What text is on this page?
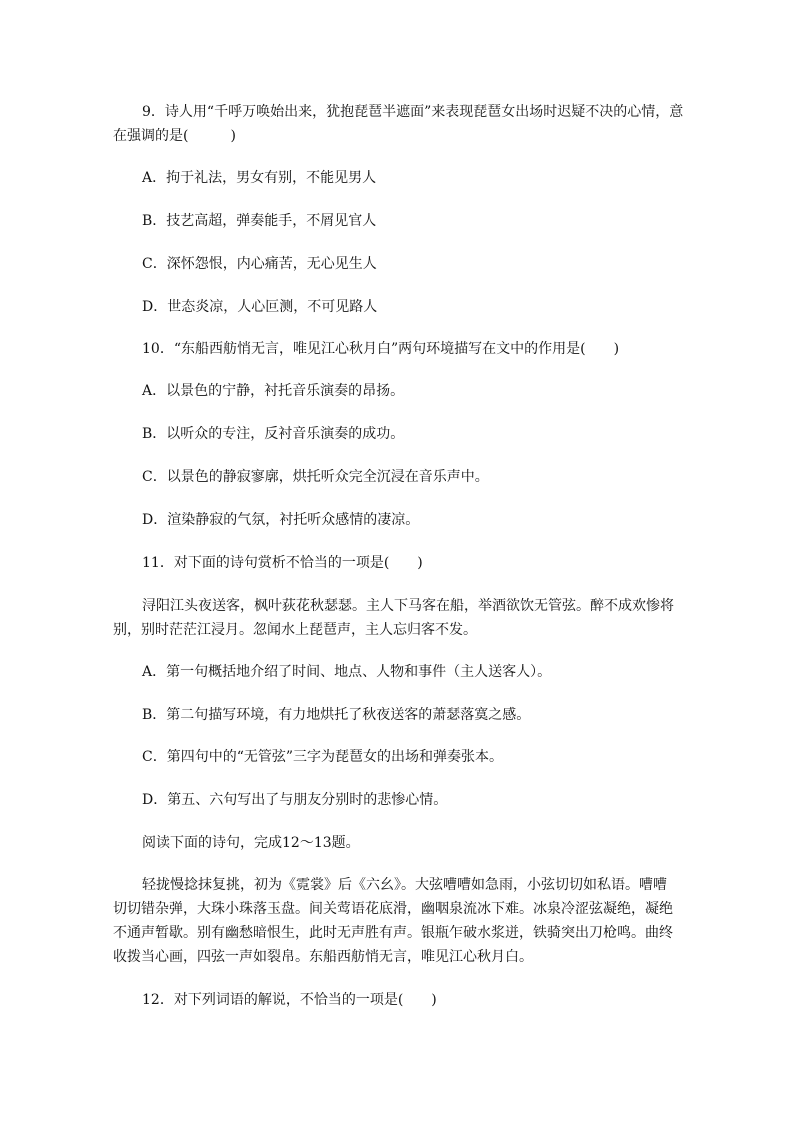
9．诗人用“千呼万唤始出来，犹抱琵琶半遮面”来表现琵琶女出场时迟疑不决的心情，意
在强调的是(　　　)
A．拘于礼法，男女有别，不能见男人
B．技艺高超，弹奏能手，不屑见官人
C．深怀怨恨，内心痛苦，无心见生人
D．世态炎凉，人心叵测，不可见路人
10．“东船西舫悄无言，唯见江心秋月白”两句环境描写在文中的作用是(　　)
A．以景色的宁静，衬托音乐演奏的昂扬。
B．以听众的专注，反衬音乐演奏的成功。
C．以景色的静寂寥廓，烘托听众完全沉浸在音乐声中。
D．渲染静寂的气氛，衬托听众感情的凄凉。
11．对下面的诗句赏析不恰当的一项是(　　)
浔阳江头夜送客，枫叶荻花秋瑟瑟。主人下马客在船，举酒欲饮无管弦。醉不成欢惨将
别，别时茫茫江浸月。忽闻水上琵琶声，主人忘归客不发。
A．第一句概括地介绍了时间、地点、人物和事件（主人送客人）。
B．第二句描写环境，有力地烘托了秋夜送客的萧瑟落寞之感。
C．第四句中的“无管弦”三字为琵琶女的出场和弹奏张本。
D．第五、六句写出了与朋友分别时的悲惨心情。
阅读下面的诗句，完成12～13题。
轻拢慢捻抹复挑，初为《霓裳》后《六幺》。大弦嘈嘈如急雨，小弦切切如私语。嘈嘈
切切错杂弹，大珠小珠落玉盘。间关莺语花底滑，幽咽泉流冰下难。冰泉冷涩弦凝绝，凝绝
不通声暂歇。别有幽愁暗恨生，此时无声胜有声。银瓶乍破水浆迸，铁骑突出刀枪鸣。曲终
收拨当心画，四弦一声如裂帛。东船西舫悄无言，唯见江心秋月白。
12．对下列词语的解说，不恰当的一项是(　　)
